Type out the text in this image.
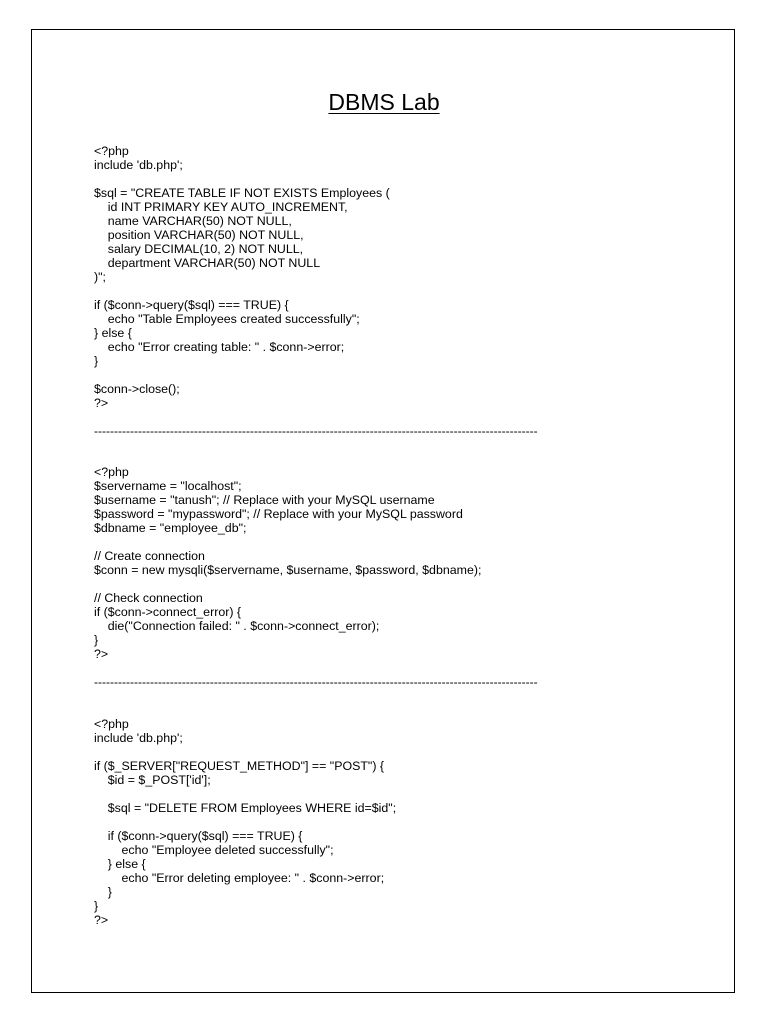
DBMS Lab
<?php
include 'db.php';
$sql = "CREATE TABLE IF NOT EXISTS Employees (
id INT PRIMARY KEY AUTO_INCREMENT,
name VARCHAR(50) NOT NULL,
position VARCHAR(50) NOT NULL,
salary DECIMAL(10, 2) NOT NULL,
department VARCHAR(50) NOT NULL
)";
if ($conn->query($sql) === TRUE) {
echo "Table Employees created successfully";
} else {
echo "Error creating table: " . $conn->error;
}
$conn->close();
?>
---------------------------------------------------------------------------------------------------------------
<?php
$servername = "localhost";
$username = "tanush"; // Replace with your MySQL username
$password = "mypassword"; // Replace with your MySQL password
$dbname = "employee_db";
// Create connection
$conn = new mysqli($servername, $username, $password, $dbname);
// Check connection
if ($conn->connect_error) {
die("Connection failed: " . $conn->connect_error);
}
?>
---------------------------------------------------------------------------------------------------------------
<?php
include 'db.php';
if ($_SERVER["REQUEST_METHOD"] == "POST") {
$id = $_POST['id'];
$sql = "DELETE FROM Employees WHERE id=$id";
if ($conn->query($sql) === TRUE) {
echo "Employee deleted successfully";
} else {
echo "Error deleting employee: " . $conn->error;
}
}
?>
